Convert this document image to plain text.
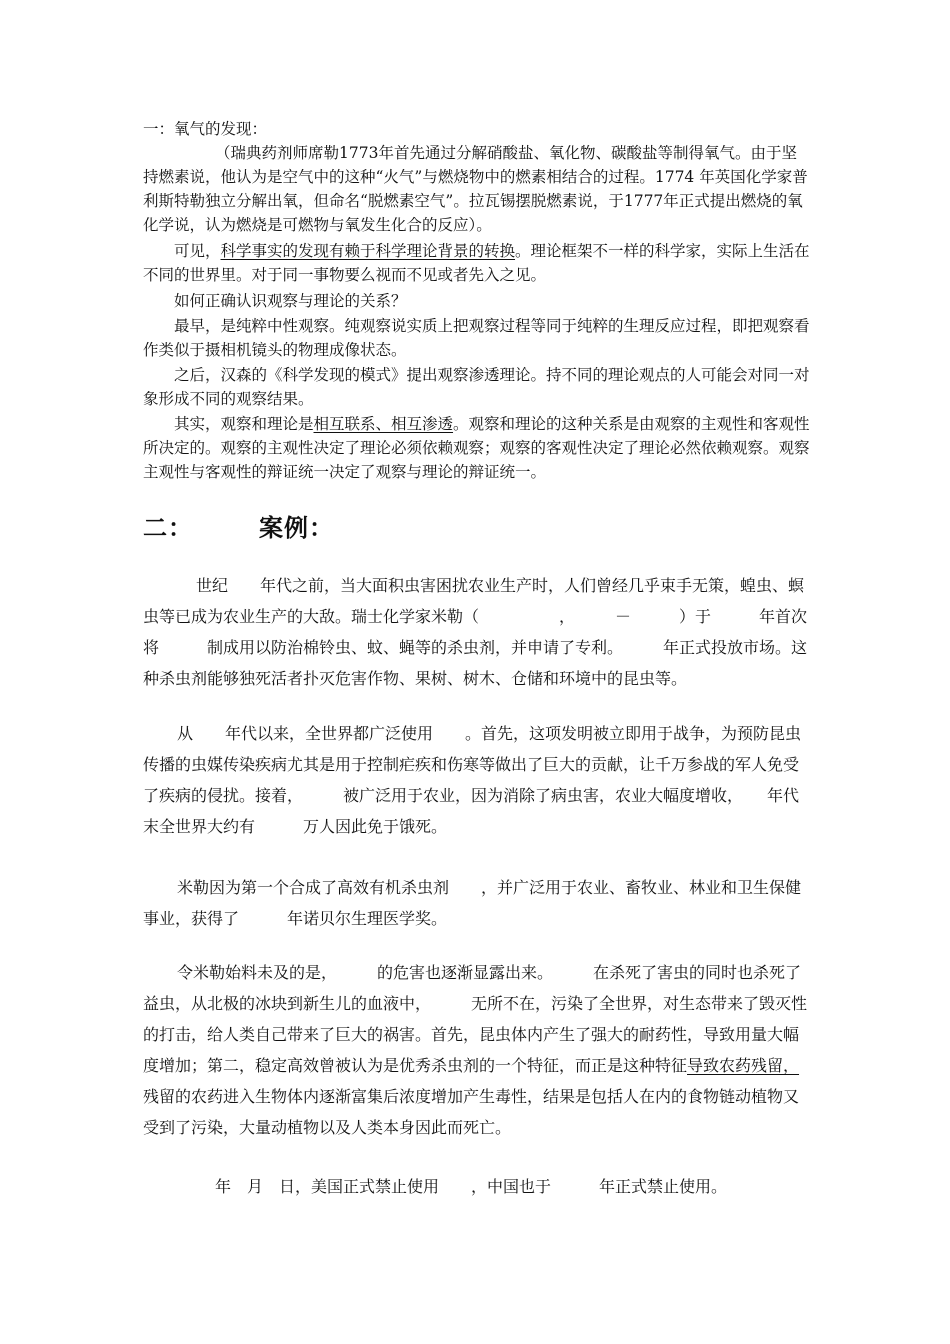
一：氧气的发现：

（瑞典药剂师席勒1773年首先通过分解硝酸盐、氧化物、碳酸盐等制得氧气。由于坚持燃素说，他认为是空气中的这种“火气”与燃烧物中的燃素相结合的过程。1774 年英国化学家普利斯特勒独立分解出氧，但命名“脱燃素空气”。拉瓦锡摆脱燃素说，于1777年正式提出燃烧的氧化学说，认为燃烧是可燃物与氧发生化合的反应）。

可见，科学事实的发现有赖于科学理论背景的转换。理论框架不一样的科学家，实际上生活在不同的世界里。对于同一事物要么视而不见或者先入之见。

如何正确认识观察与理论的关系？

最早，是纯粹中性观察。纯观察说实质上把观察过程等同于纯粹的生理反应过程，即把观察看作类似于摄相机镜头的物理成像状态。

之后，汉森的《科学发现的模式》提出观察渗透理论。持不同的理论观点的人可能会对同一对象形成不同的观察结果。

其实，观察和理论是相互联系、相互渗透。观察和理论的这种关系是由观察的主观性和客观性所决定的。观察的主观性决定了理论必须依赖观察；观察的客观性决定了理论必然依赖观察。观察主观性与客观性的辩证统一决定了观察与理论的辩证统一。

二：	案例：

世纪　　年代之前，当大面积虫害困扰农业生产时，人们曾经几乎束手无策，蝗虫、螟虫等已成为农业生产的大敌。瑞士化学家米勒（　　　　　，　　　－　　　）于　　　年首次将　　　制成用以防治棉铃虫、蚊、蝇等的杀虫剂，并申请了专利。　　　年正式投放市场。这种杀虫剂能够独死活者扑灭危害作物、果树、树木、仓储和环境中的昆虫等。

从　　年代以来，全世界都广泛使用　　。首先，这项发明被立即用于战争，为预防昆虫传播的虫媒传染疾病尤其是用于控制疟疾和伤寒等做出了巨大的贡献，让千万参战的军人免受了疾病的侵扰。接着，　　　被广泛用于农业，因为消除了病虫害，农业大幅度增收，　　年代末全世界大约有　　　万人因此免于饿死。

米勒因为第一个合成了高效有机杀虫剂　　，并广泛用于农业、畜牧业、林业和卫生保健事业，获得了　　　年诺贝尔生理医学奖。

令米勒始料未及的是，　　　的危害也逐渐显露出来。　　　在杀死了害虫的同时也杀死了益虫，从北极的冰块到新生儿的血液中，　　　无所不在，污染了全世界，对生态带来了毁灭性的打击，给人类自己带来了巨大的祸害。首先，昆虫体内产生了强大的耐药性，导致用量大幅度增加；第二，稳定高效曾被认为是优秀杀虫剂的一个特征，而正是这种特征导致农药残留，残留的农药进入生物体内逐渐富集后浓度增加产生毒性，结果是包括人在内的食物链动植物又受到了污染，大量动植物以及人类本身因此而死亡。

年　月　日，美国正式禁止使用　　，中国也于　　　年正式禁止使用。
